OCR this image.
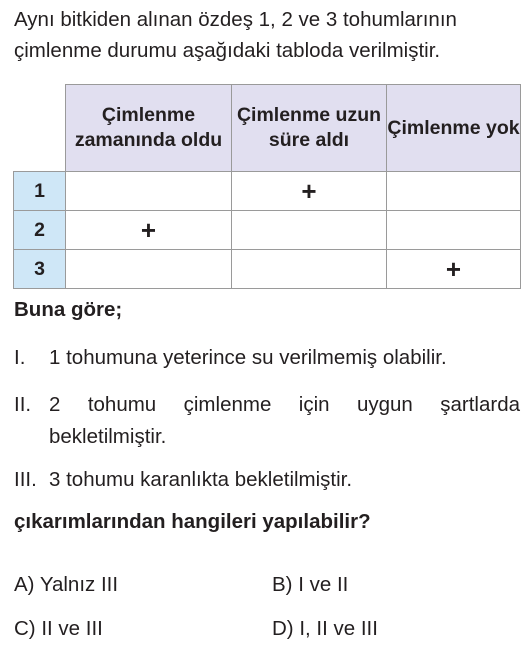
Aynı bitkiden alınan özdeş 1, 2 ve 3 tohumlarının çimlenme durumu aşağıdaki tabloda verilmiştir.
	Çimlenme zamanında oldu	Çimlenme uzun süre aldı	Çimlenme yok
1		+	
2	+		
3			+
Buna göre;
I. 1 tohumuna yeterince su verilmemiş olabilir.
II. 2 tohumu çimlenme için uygun şartlarda bekletilmiştir.
III. 3 tohumu karanlıkta bekletilmiştir.
çıkarımlarından hangileri yapılabilir?
A) Yalnız III	B) I ve II
C) II ve III	D) I, II ve III
